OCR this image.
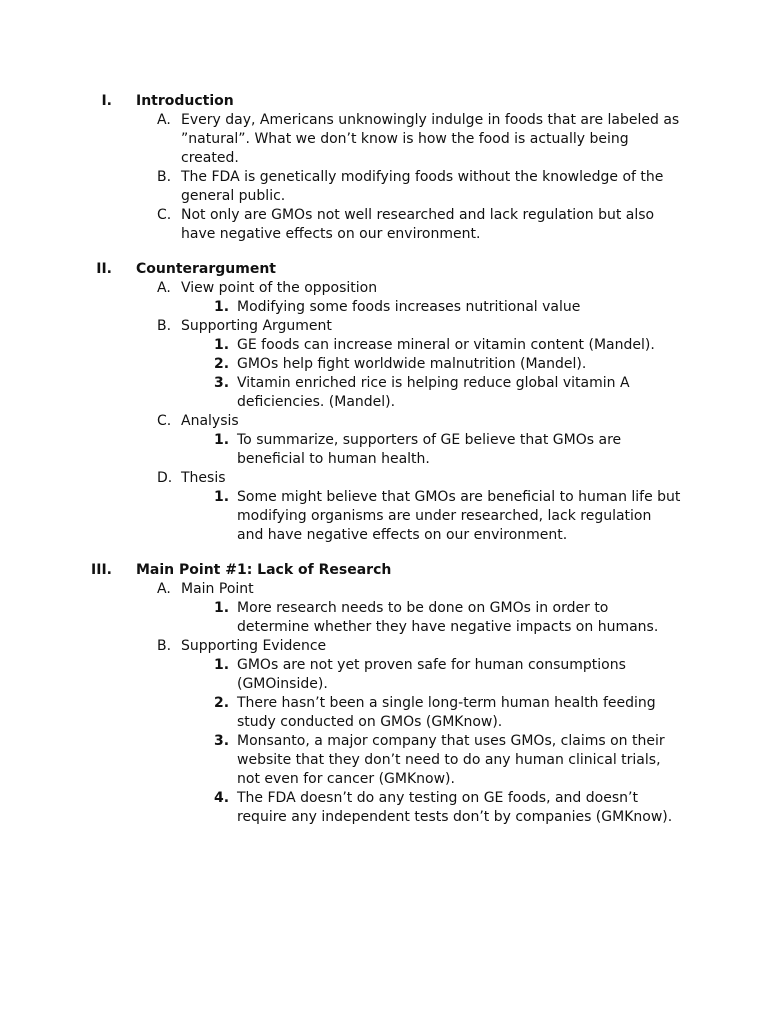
I. Introduction
A. Every day, Americans unknowingly indulge in foods that are labeled as ”natural”. What we don’t know is how the food is actually being created.
B. The FDA is genetically modifying foods without the knowledge of the general public.
C. Not only are GMOs not well researched and lack regulation but also have negative effects on our environment.
II. Counterargument
A. View point of the opposition
1. Modifying some foods increases nutritional value
B. Supporting Argument
1. GE foods can increase mineral or vitamin content (Mandel).
2. GMOs help fight worldwide malnutrition (Mandel).
3. Vitamin enriched rice is helping reduce global vitamin A deficiencies. (Mandel).
C. Analysis
1. To summarize, supporters of GE believe that GMOs are beneficial to human health.
D. Thesis
1. Some might believe that GMOs are beneficial to human life but modifying organisms are under researched, lack regulation and have negative effects on our environment.
III. Main Point #1: Lack of Research
A. Main Point
1. More research needs to be done on GMOs in order to determine whether they have negative impacts on humans.
B. Supporting Evidence
1. GMOs are not yet proven safe for human consumptions (GMOinside).
2. There hasn’t been a single long-term human health feeding study conducted on GMOs (GMKnow).
3. Monsanto, a major company that uses GMOs, claims on their website that they don’t need to do any human clinical trials, not even for cancer (GMKnow).
4. The FDA doesn’t do any testing on GE foods, and doesn’t require any independent tests don’t by companies (GMKnow).
